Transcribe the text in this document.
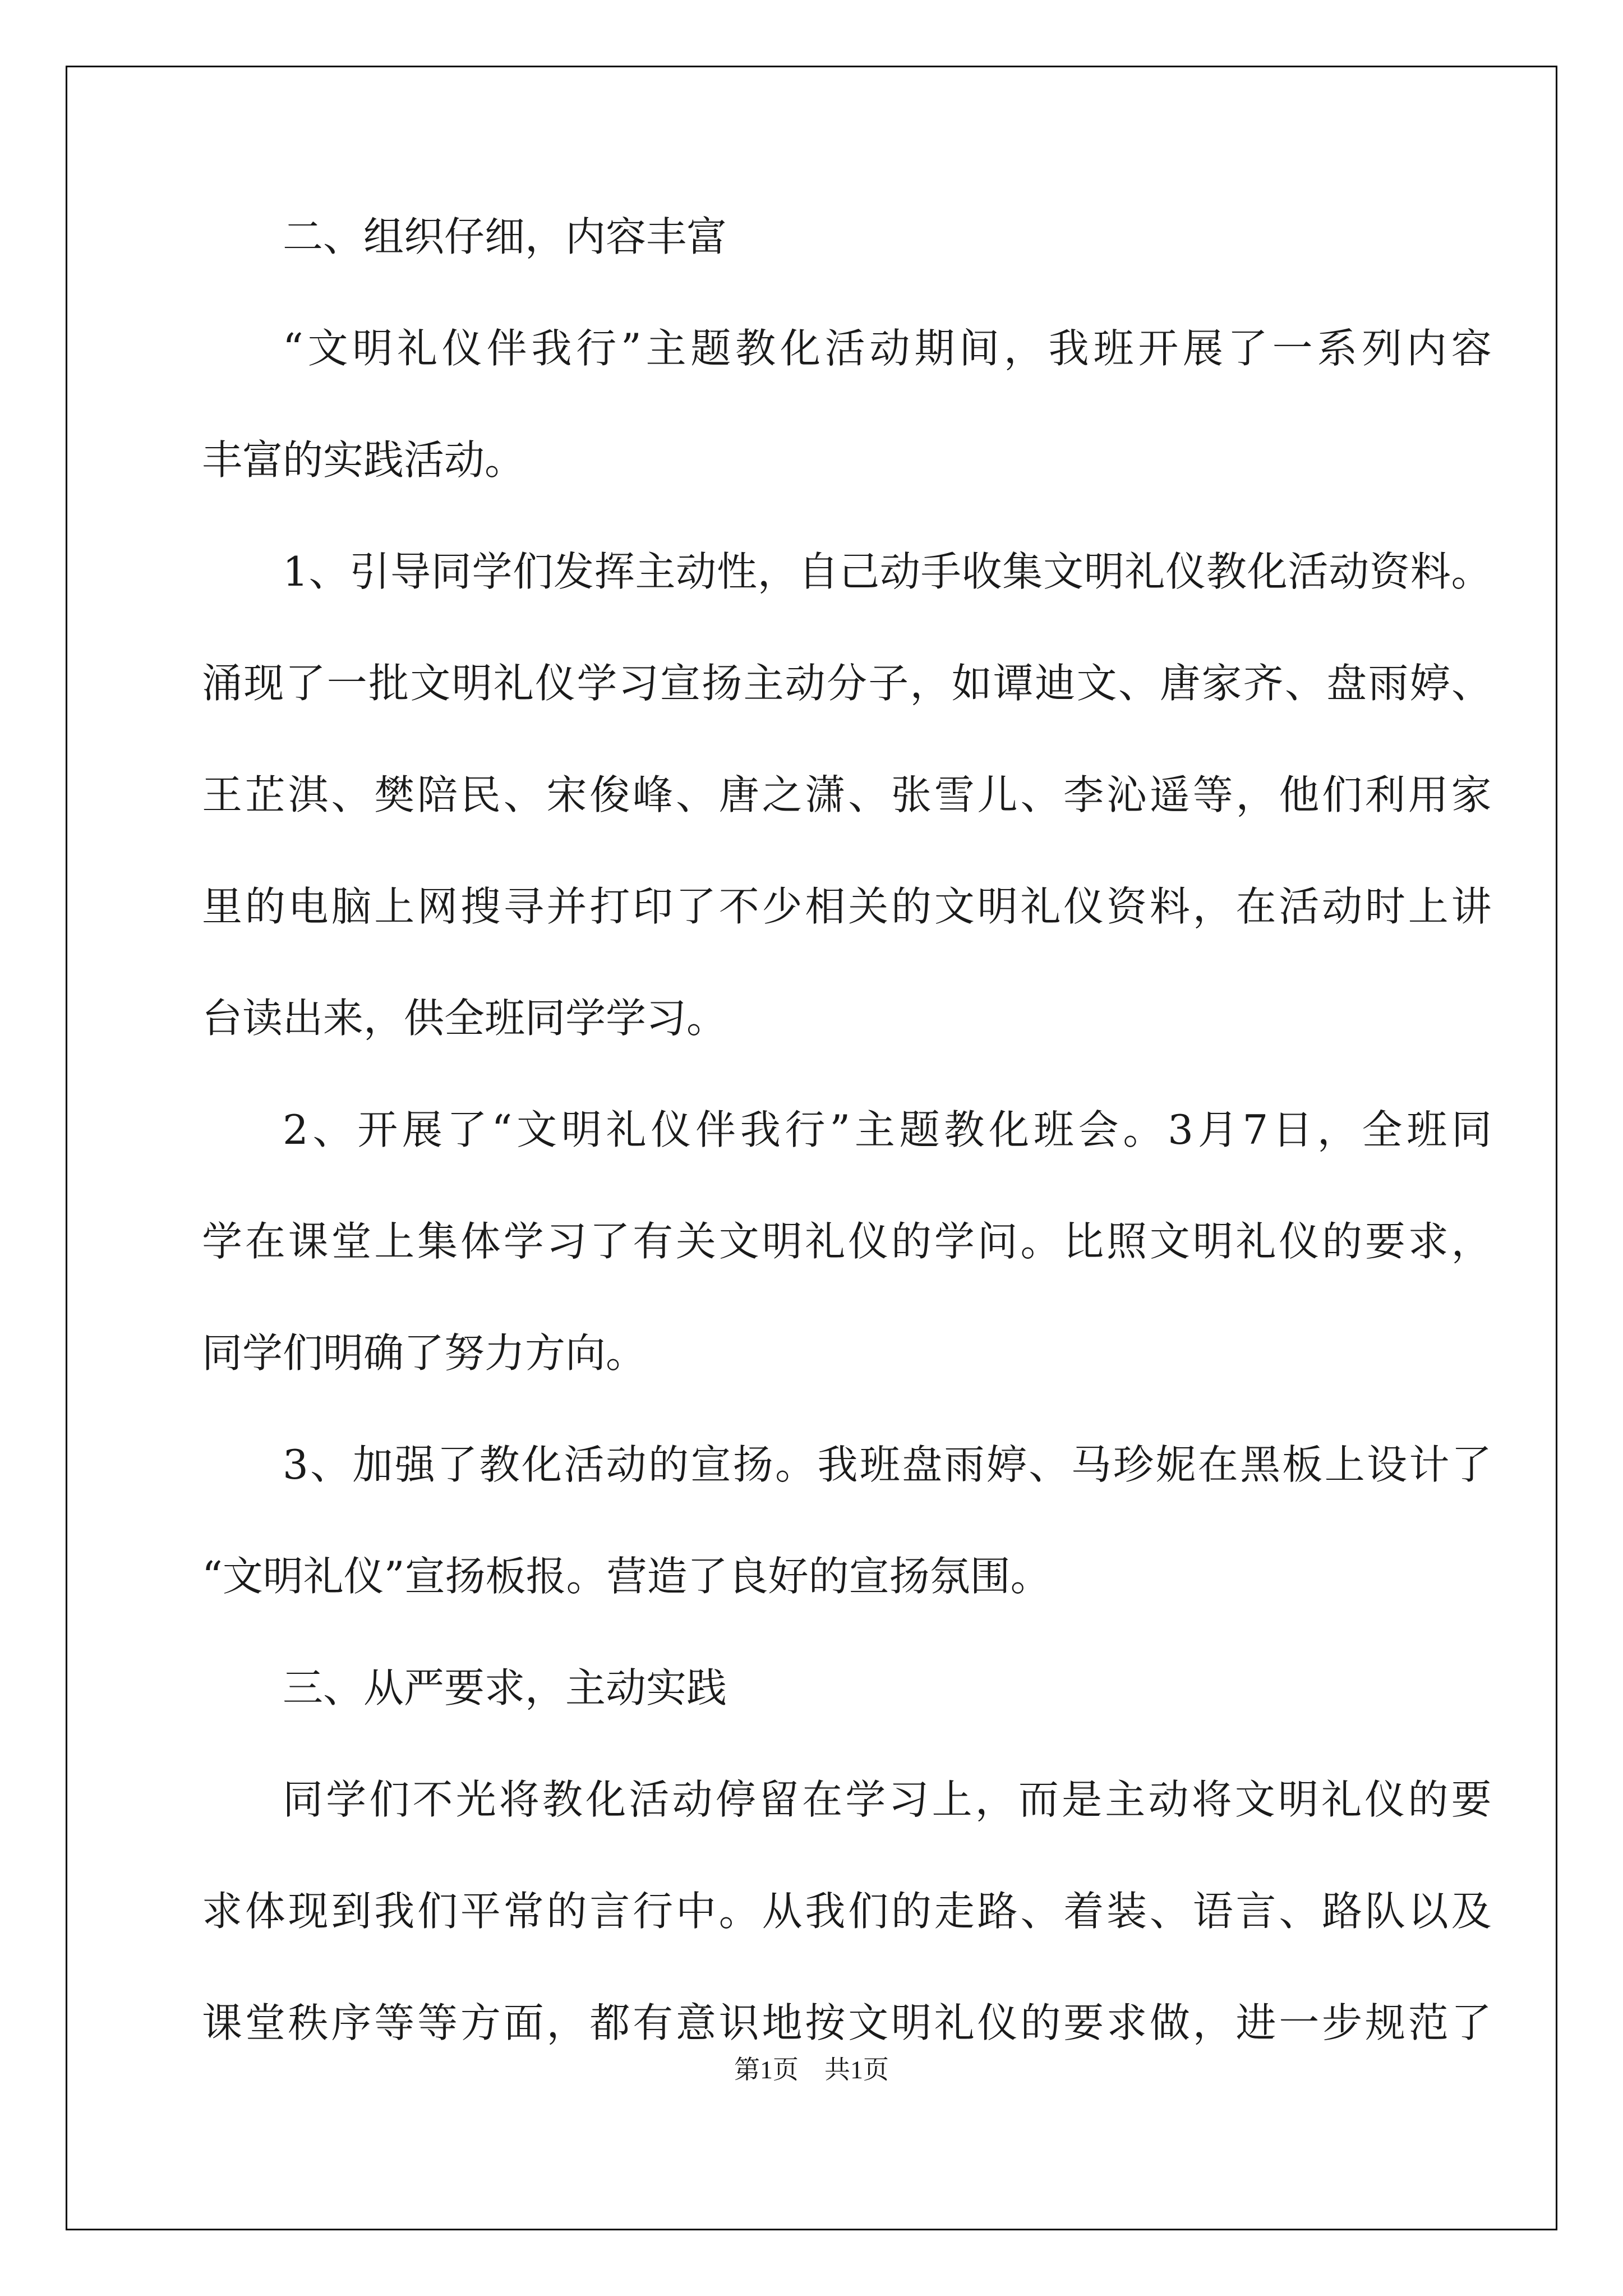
二、组织仔细，内容丰富
“ 文 明 礼 仪 伴 我 行 ” 主 题 教 化 活 动 期 间 ， 我 班 开 展 了 一 系 列 内 容
丰富的实践活动。
1 、 引 导 同 学 们 发 挥 主 动 性 ， 自 己 动 手 收 集 文 明 礼 仪 教 化 活 动 资 料 。
涌 现 了 一 批 文 明 礼 仪 学 习 宣 扬 主 动 分 子 ， 如 谭 迪 文 、 唐 家 齐 、 盘 雨 婷 、
王 芷 淇 、 樊 陪 民 、 宋 俊 峰 、 唐 之 潇 、 张 雪 儿 、 李 沁 遥 等 ， 他 们 利 用 家
里 的 电 脑 上 网 搜 寻 并 打 印 了 不 少 相 关 的 文 明 礼 仪 资 料 ， 在 活 动 时 上 讲
台读出来，供全班同学学习。
2 、 开 展 了 “ 文 明 礼 仪 伴 我 行 ” 主 题 教 化 班 会 。 3 月 7 日 ， 全 班 同
学 在 课 堂 上 集 体 学 习 了 有 关 文 明 礼 仪 的 学 问 。 比 照 文 明 礼 仪 的 要 求 ，
同学们明确了努力方向。
3 、 加 强 了 教 化 活 动 的 宣 扬 。 我 班 盘 雨 婷 、 马 珍 妮 在 黑 板 上 设 计 了
“文明礼仪”宣扬板报。营造了良好的宣扬氛围。
三、从严要求，主动实践
同 学 们 不 光 将 教 化 活 动 停 留 在 学 习 上 ， 而 是 主 动 将 文 明 礼 仪 的 要
求 体 现 到 我 们 平 常 的 言 行 中 。 从 我 们 的 走 路 、 着 装 、 语 言 、 路 队 以 及
课 堂 秩 序 等 等 方 面 ， 都 有 意 识 地 按 文 明 礼 仪 的 要 求 做 ， 进 一 步 规 范 了
第1页　共1页
